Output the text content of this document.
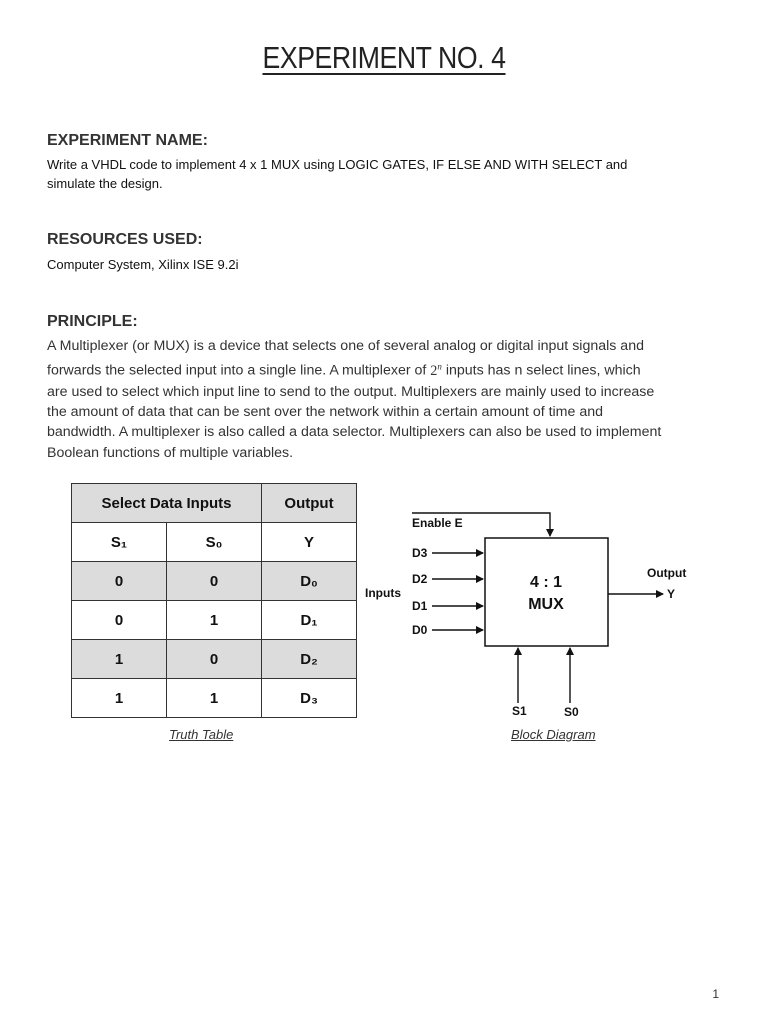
EXPERIMENT NO. 4
EXPERIMENT NAME:
Write a VHDL code to implement 4 x 1 MUX using LOGIC GATES, IF ELSE AND WITH SELECT and
simulate the design.
RESOURCES USED:
Computer System, Xilinx ISE 9.2i
PRINCIPLE:
A Multiplexer (or MUX) is a device that selects one of several analog or digital input signals and
forwards the selected input into a single line. A multiplexer of 2$^n$ inputs has n select lines, which
are used to select which input line to send to the output. Multiplexers are mainly used to increase
the amount of data that can be sent over the network within a certain amount of time and
bandwidth. A multiplexer is also called a data selector. Multiplexers can also be used to implement
Boolean functions of multiple variables.
Select Data Inputs		Output
S₁	S₀	Y
0	0	D₀
0	1	D₁
1	0	D₂
1	1	D₃
Truth Table
4 : 1
MUX
Enable E
Inputs
D3
D2
D1
D0
Output
Y
S1	S0
Block Diagram
1
